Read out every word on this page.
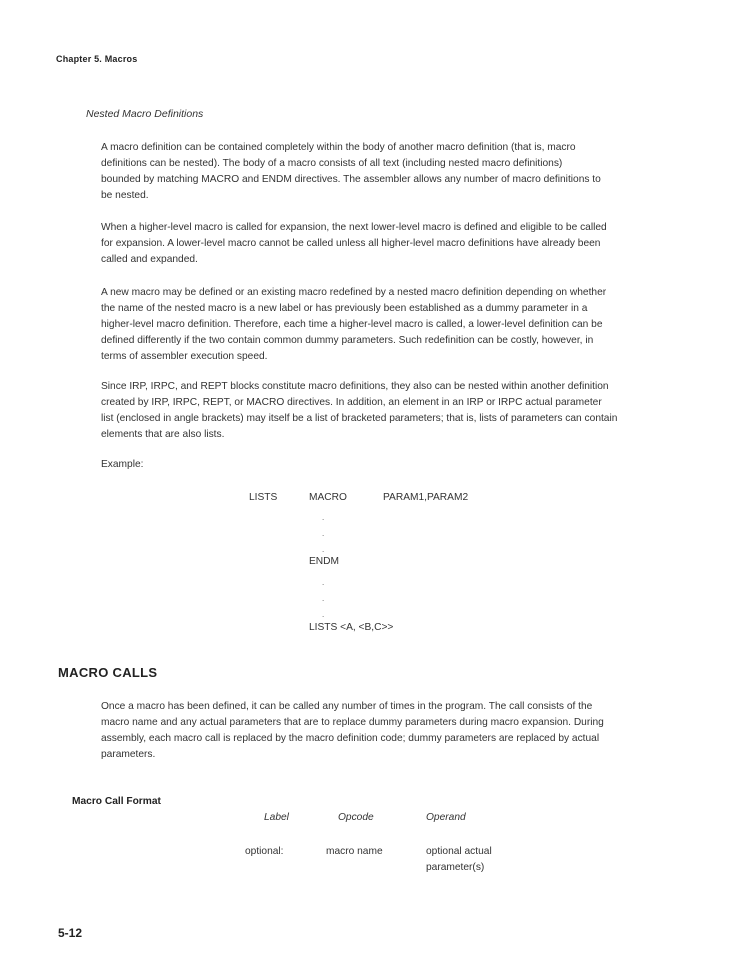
Chapter 5. Macros
Nested Macro Definitions
A macro definition can be contained completely within the body of another macro definition (that is, macro
definitions can be nested). The body of a macro consists of all text (including nested macro definitions)
bounded by matching MACRO and ENDM directives. The assembler allows any number of macro definitions to
be nested.
When a higher-level macro is called for expansion, the next lower-level macro is defined and eligible to be called
for expansion. A lower-level macro cannot be called unless all higher-level macro definitions have already been
called and expanded.
A new macro may be defined or an existing macro redefined by a nested macro definition depending on whether
the name of the nested macro is a new label or has previously been established as a dummy parameter in a
higher-level macro definition. Therefore, each time a higher-level macro is called, a lower-level definition can be
defined differently if the two contain common dummy parameters. Such redefinition can be costly, however, in
terms of assembler execution speed.
Since IRP, IRPC, and REPT blocks constitute macro definitions, they also can be nested within another definition
created by IRP, IRPC, REPT, or MACRO directives. In addition, an element in an IRP or IRPC actual parameter
list (enclosed in angle brackets) may itself be a list of bracketed parameters; that is, lists of parameters can contain
elements that are also lists.
Example:
LISTS	MACRO	PARAM1,PARAM2
.
.
.
ENDM
.
.
.
LISTS <A, <B,C>>
MACRO CALLS
Once a macro has been defined, it can be called any number of times in the program. The call consists of the
macro name and any actual parameters that are to replace dummy parameters during macro expansion. During
assembly, each macro call is replaced by the macro definition code; dummy parameters are replaced by actual
parameters.
Macro Call Format
Label	Opcode	Operand
optional:	macro name	optional actual
parameter(s)
5-12
